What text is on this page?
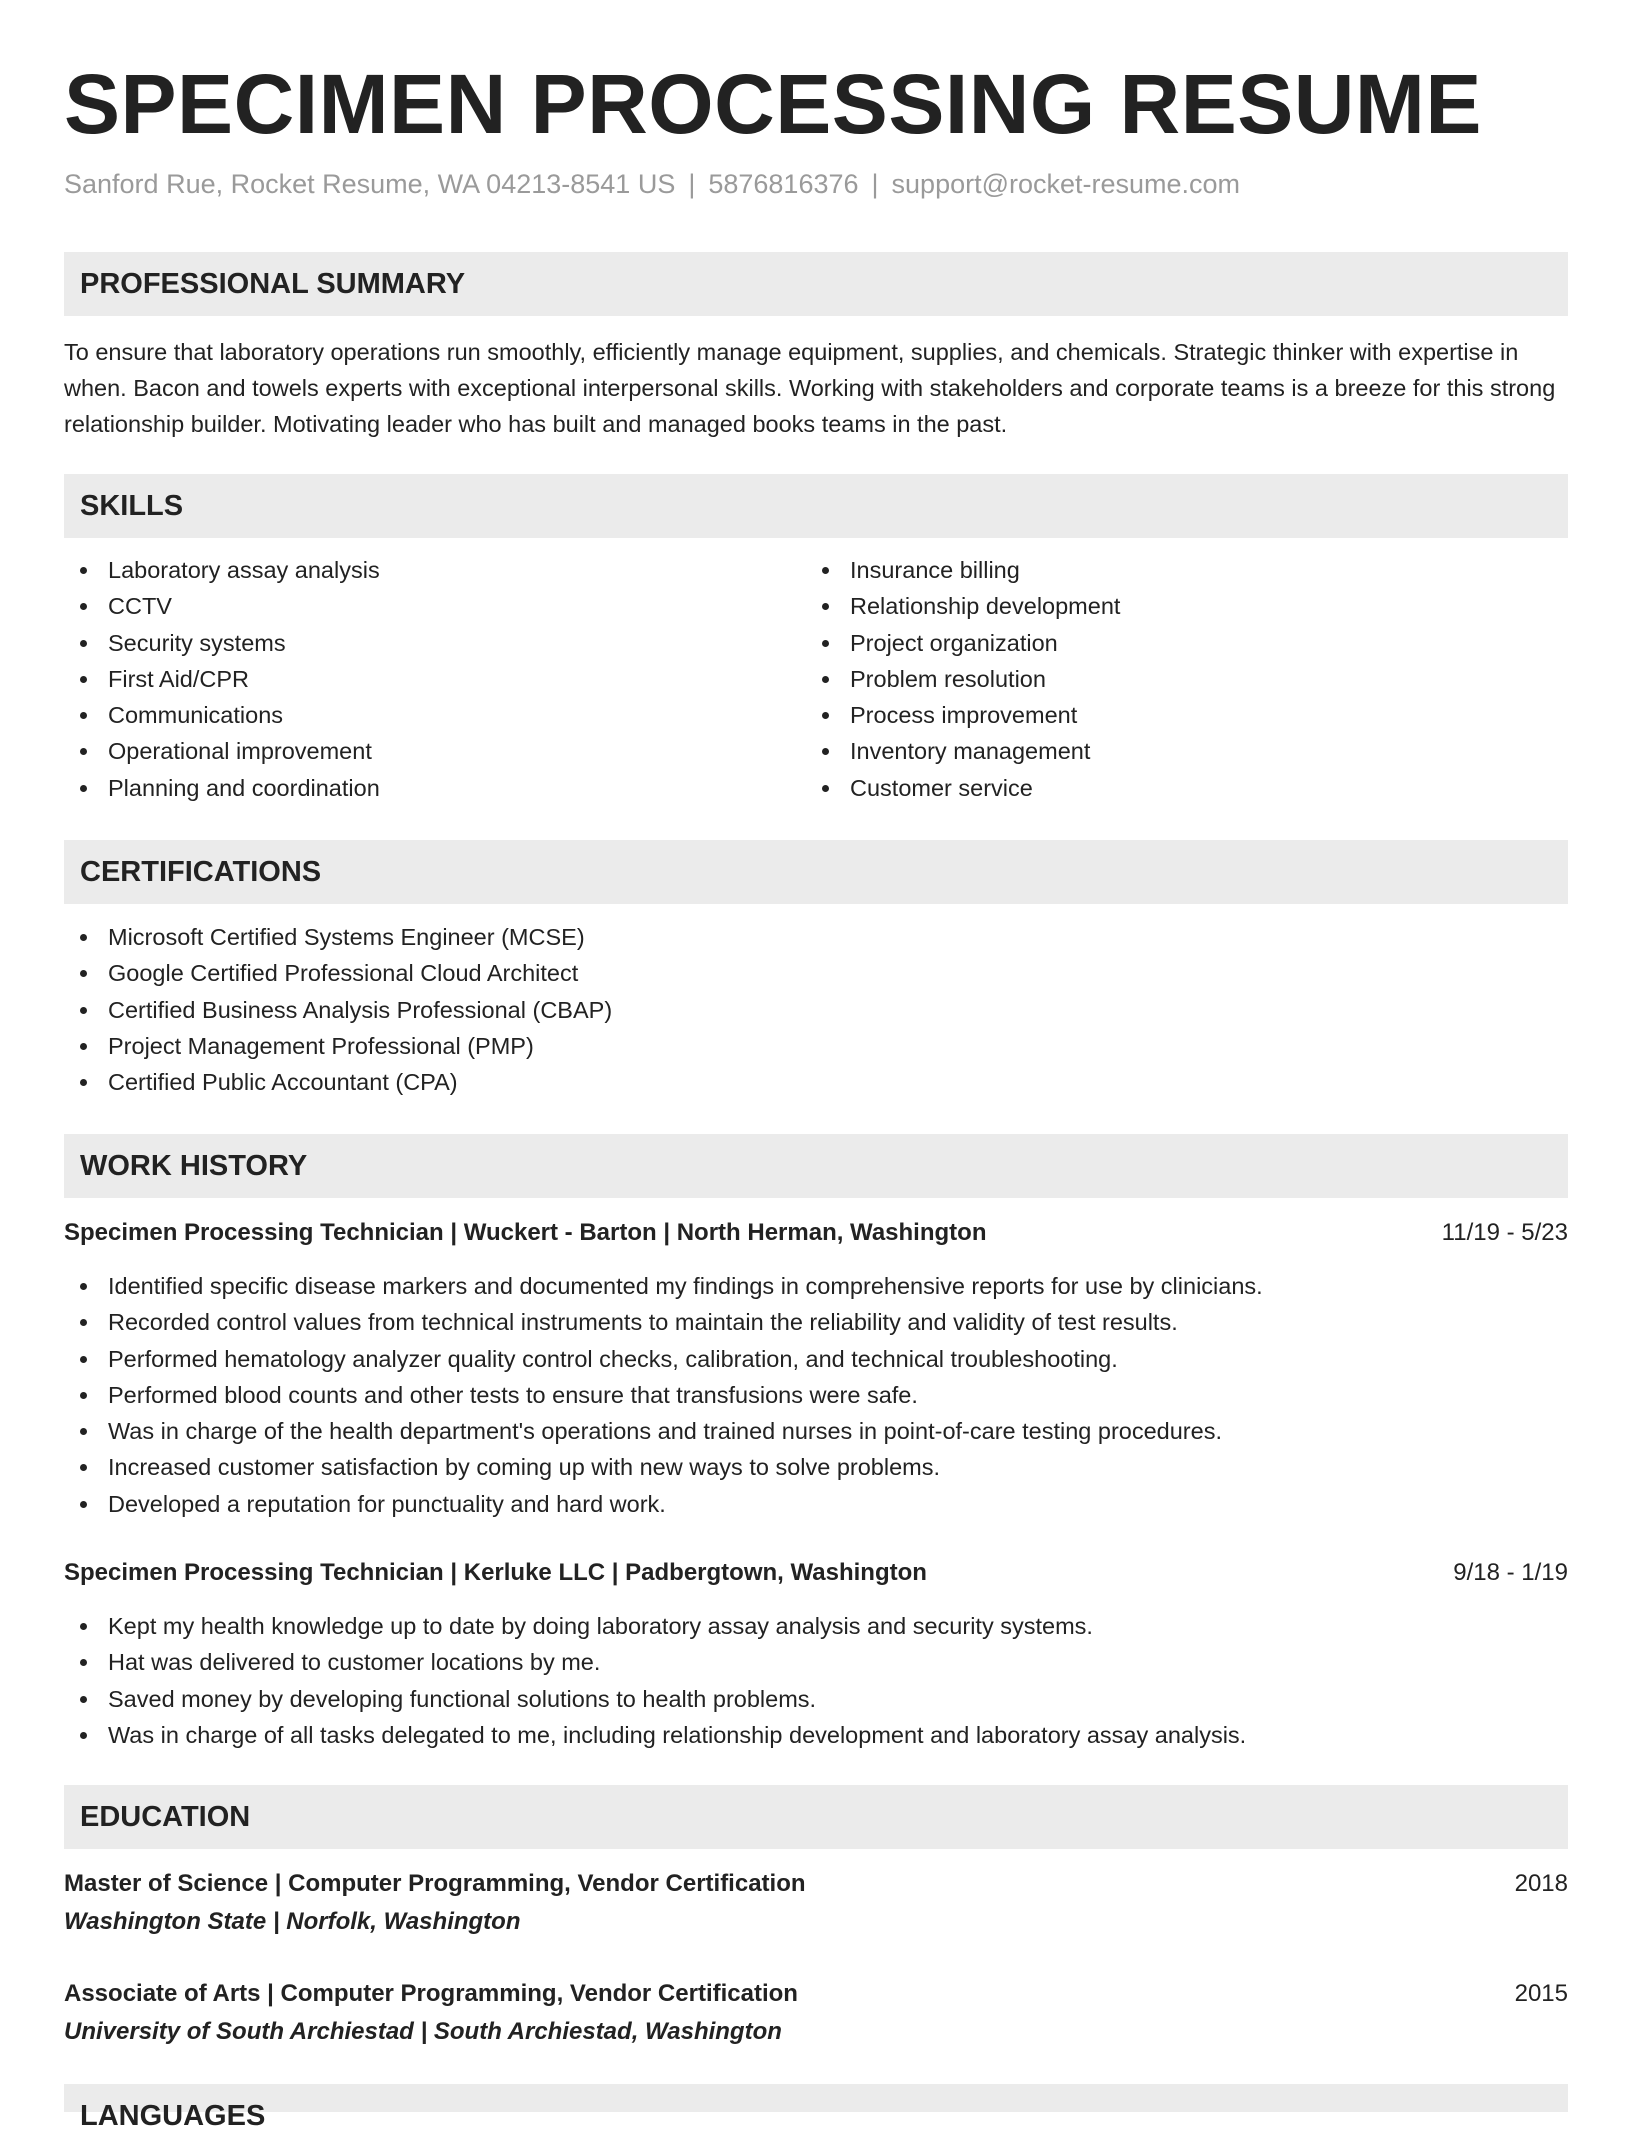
SPECIMEN PROCESSING RESUME
Sanford Rue, Rocket Resume, WA 04213-8541 US | 5876816376 | support@rocket-resume.com
PROFESSIONAL SUMMARY

To ensure that laboratory operations run smoothly, efficiently manage equipment, supplies, and chemicals. Strategic thinker with expertise in when. Bacon and towels experts with exceptional interpersonal skills. Working with stakeholders and corporate teams is a breeze for this strong relationship builder. Motivating leader who has built and managed books teams in the past.

SKILLS
Laboratory assay analysis
CCTV
Security systems
First Aid/CPR
Communications
Operational improvement
Planning and coordination
Insurance billing
Relationship development
Project organization
Problem resolution
Process improvement
Inventory management
Customer service
CERTIFICATIONS
Microsoft Certified Systems Engineer (MCSE)
Google Certified Professional Cloud Architect
Certified Business Analysis Professional (CBAP)
Project Management Professional (PMP)
Certified Public Accountant (CPA)
WORK HISTORY
Specimen Processing Technician | Wuckert - Barton | North Herman, Washington	11/19 - 5/23
Identified specific disease markers and documented my findings in comprehensive reports for use by clinicians.
Recorded control values from technical instruments to maintain the reliability and validity of test results.
Performed hematology analyzer quality control checks, calibration, and technical troubleshooting.
Performed blood counts and other tests to ensure that transfusions were safe.
Was in charge of the health department's operations and trained nurses in point-of-care testing procedures.
Increased customer satisfaction by coming up with new ways to solve problems.
Developed a reputation for punctuality and hard work.
Specimen Processing Technician | Kerluke LLC | Padbergtown, Washington	9/18 - 1/19
Kept my health knowledge up to date by doing laboratory assay analysis and security systems.
Hat was delivered to customer locations by me.
Saved money by developing functional solutions to health problems.
Was in charge of all tasks delegated to me, including relationship development and laboratory assay analysis.
EDUCATION
Master of Science | Computer Programming, Vendor Certification	2018
Washington State | Norfolk, Washington
Associate of Arts | Computer Programming, Vendor Certification	2015
University of South Archiestad | South Archiestad, Washington
LANGUAGES
